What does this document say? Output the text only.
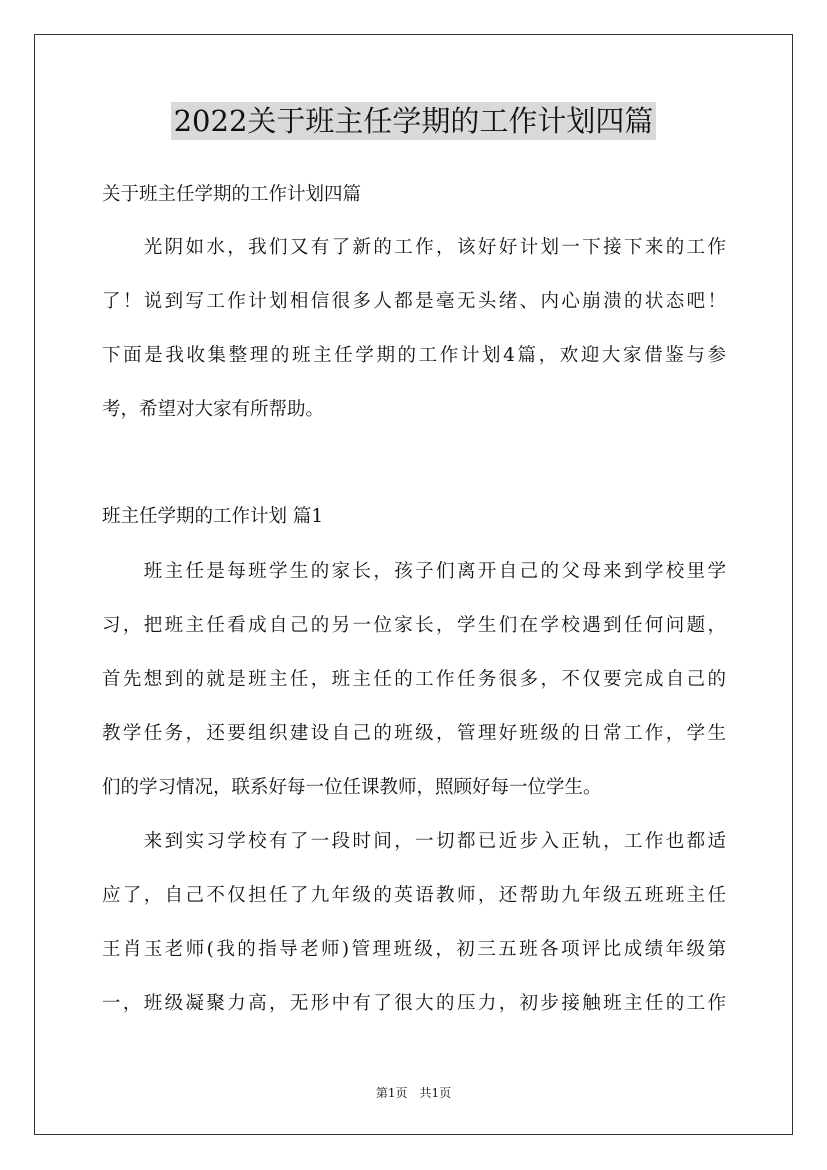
2022关于班主任学期的工作计划四篇
关于班主任学期的工作计划四篇
　　光阴如水，我们又有了新的工作，该好好计划一下接下来的工作
了！说到写工作计划相信很多人都是毫无头绪、内心崩溃的状态吧！
下面是我收集整理的班主任学期的工作计划4篇，欢迎大家借鉴与参
考，希望对大家有所帮助。
班主任学期的工作计划 篇1
　　班主任是每班学生的家长，孩子们离开自己的父母来到学校里学
习，把班主任看成自己的另一位家长，学生们在学校遇到任何问题，
首先想到的就是班主任，班主任的工作任务很多，不仅要完成自己的
教学任务，还要组织建设自己的班级，管理好班级的日常工作，学生
们的学习情况，联系好每一位任课教师，照顾好每一位学生。
　　来到实习学校有了一段时间，一切都已近步入正轨，工作也都适
应了，自己不仅担任了九年级的英语教师，还帮助九年级五班班主任
王肖玉老师(我的指导老师)管理班级，初三五班各项评比成绩年级第
一，班级凝聚力高，无形中有了很大的压力，初步接触班主任的工作
第1页　共1页
